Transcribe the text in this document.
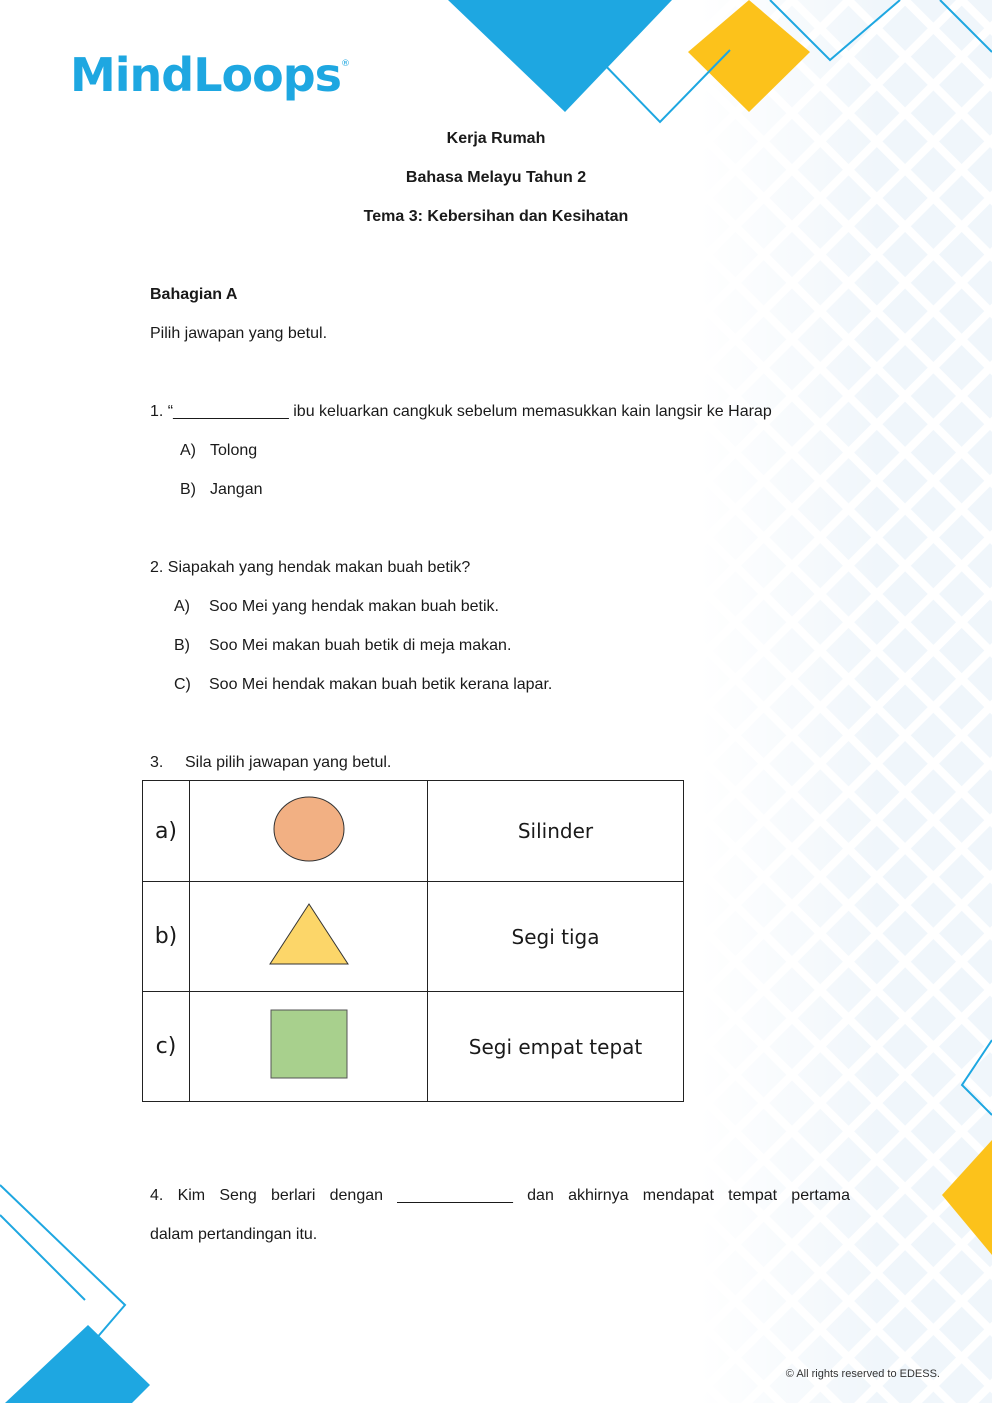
MindLoops®
Kerja Rumah
Bahasa Melayu Tahun 2
Tema 3: Kebersihan dan Kesihatan
Bahagian A
Pilih jawapan yang betul.
1. “_____________ ibu keluarkan cangkuk sebelum memasukkan kain langsir ke Harap
A) Tolong
B) Jangan
2. Siapakah yang hendak makan buah betik?
A) Soo Mei yang hendak makan buah betik.
B) Soo Mei makan buah betik di meja makan.
C) Soo Mei hendak makan buah betik kerana lapar.
3. Sila pilih jawapan yang betul.
a)		Silinder
b)		Segi tiga
c)		Segi empat tepat
4. Kim Seng berlari dengan _____________ dan akhirnya mendapat tempat pertama
dalam pertandingan itu.
© All rights reserved to EDESS.
